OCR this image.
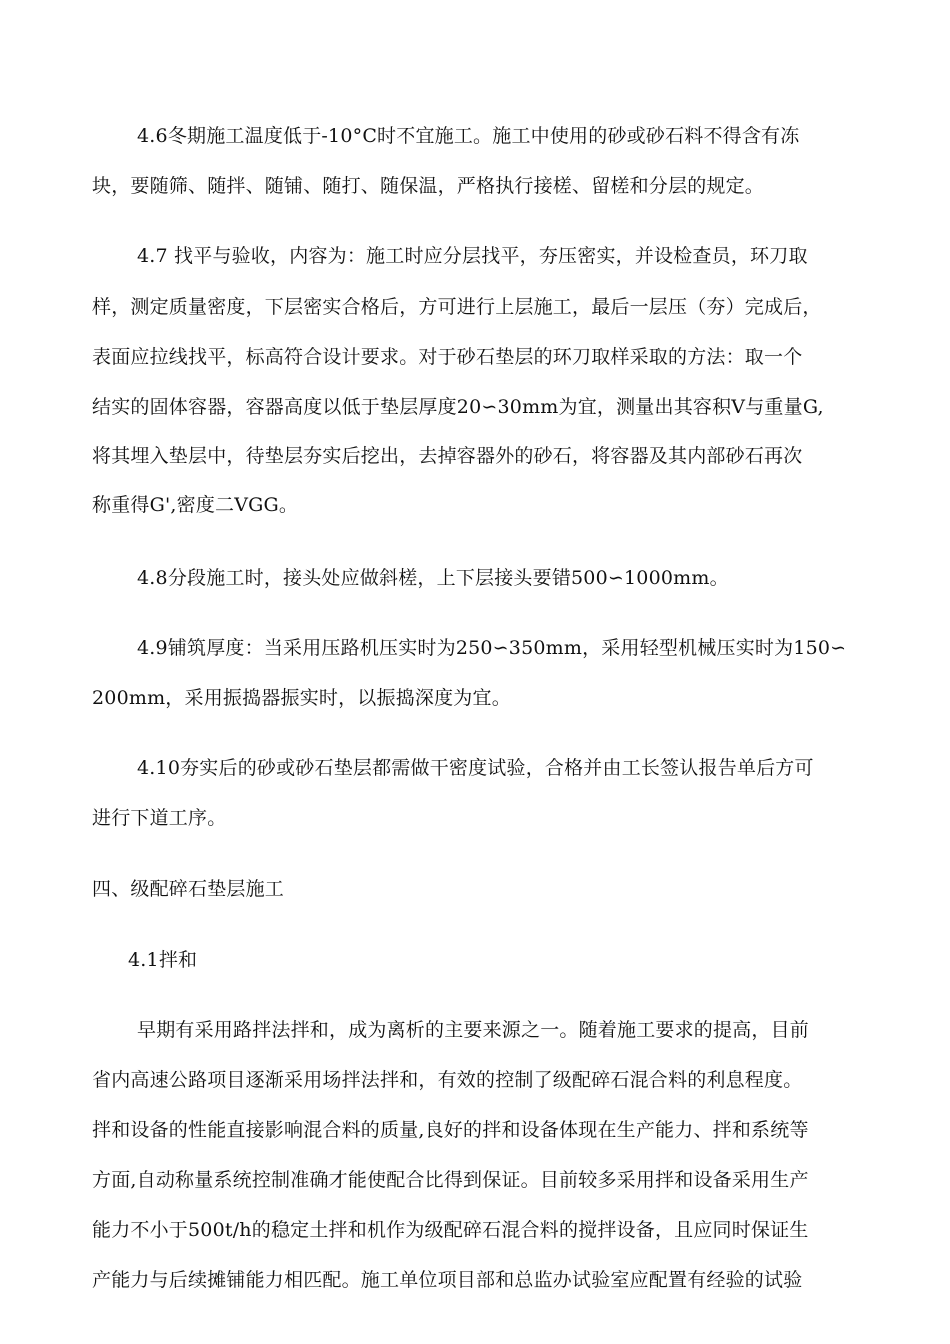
4.6冬期施工温度低于-10°C时不宜施工。施工中使用的砂或砂石料不得含有冻
块，要随筛、随拌、随铺、随打、随保温，严格执行接槎、留槎和分层的规定。
4.7 找平与验收，内容为：施工时应分层找平，夯压密实，并设检查员，环刀取
样，测定质量密度，下层密实合格后，方可进行上层施工，最后一层压（夯）完成后，
表面应拉线找平，标高符合设计要求。对于砂石垫层的环刀取样采取的方法：取一个
结实的固体容器，容器高度以低于垫层厚度20∽30mm为宜，测量出其容积V与重量G,
将其埋入垫层中，待垫层夯实后挖出，去掉容器外的砂石，将容器及其内部砂石再次
称重得G',密度二VGG。
4.8分段施工时，接头处应做斜槎，上下层接头要错500∽1000mm。
4.9铺筑厚度：当采用压路机压实时为250∽350mm，采用轻型机械压实时为150∽
200mm，采用振捣器振实时，以振捣深度为宜。
4.10夯实后的砂或砂石垫层都需做干密度试验，合格并由工长签认报告单后方可
进行下道工序。
四、级配碎石垫层施工
4.1拌和
早期有采用路拌法拌和，成为离析的主要来源之一。随着施工要求的提高，目前
省内高速公路项目逐渐采用场拌法拌和，有效的控制了级配碎石混合料的利息程度。
拌和设备的性能直接影响混合料的质量,良好的拌和设备体现在生产能力、拌和系统等
方面,自动称量系统控制准确才能使配合比得到保证。目前较多采用拌和设备采用生产
能力不小于500t/h的稳定土拌和机作为级配碎石混合料的搅拌设备，且应同时保证生
产能力与后续摊铺能力相匹配。施工单位项目部和总监办试验室应配置有经验的试验
